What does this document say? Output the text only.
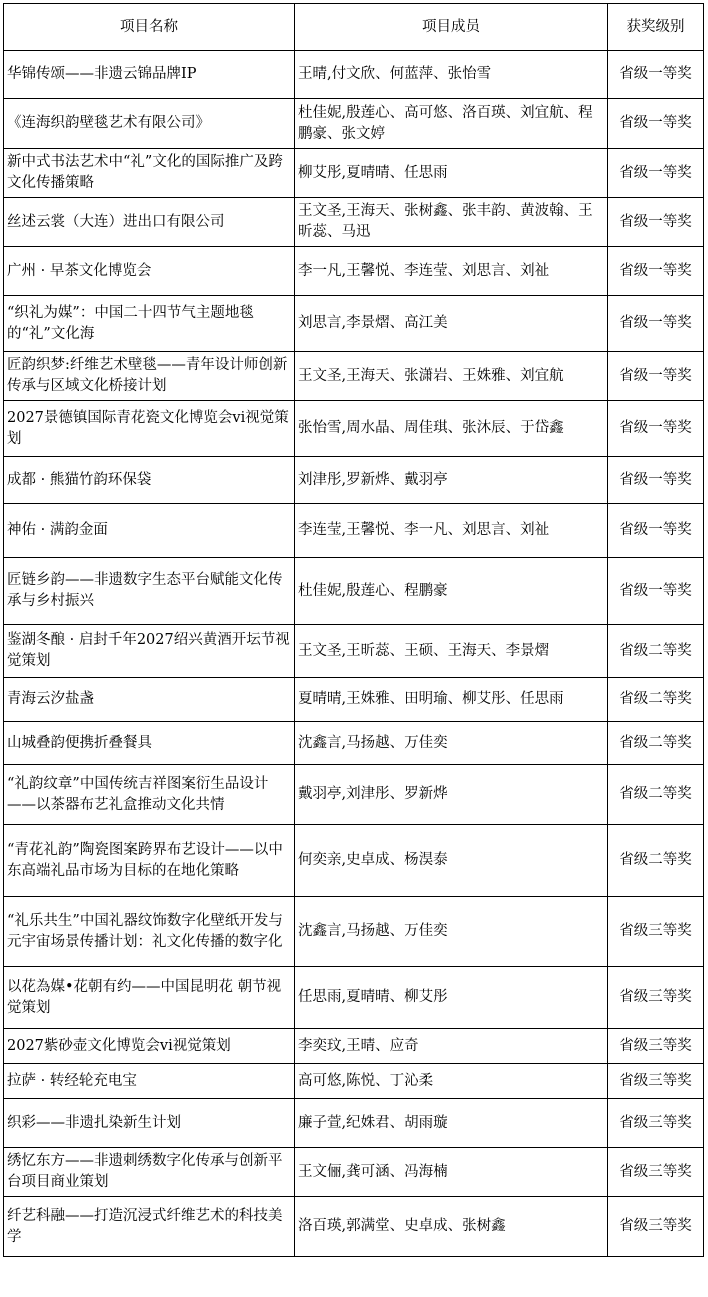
项目名称	项目成员	获奖级别
华锦传颂——非遗云锦品牌IP	王晴,付文欣、何蓝萍、张怡雪	省级一等奖
《连海织韵壁毯艺术有限公司》	杜佳妮,殷莲心、高可悠、洛百瑛、刘宜航、程鹏豪、张文婷	省级一等奖
新中式书法艺术中“礼”文化的国际推广及跨文化传播策略	柳艾彤,夏晴晴、任思雨	省级一等奖
丝述云裳（大连）进出口有限公司	王文圣,王海天、张树鑫、张丰韵、黄波翰、王昕蕊、马迅	省级一等奖
广州 · 早茶文化博览会	李一凡,王馨悦、李连莹、刘思言、刘祉	省级一等奖
“织礼为媒”：中国二十四节气主题地毯的“礼”文化海	刘思言,李景熠、高江美	省级一等奖
匠韵织梦:纤维艺术壁毯——青年设计师创新传承与区域文化桥接计划	王文圣,王海天、张潇岩、王姝雅、刘宜航	省级一等奖
2027景德镇国际青花瓷文化博览会vi视觉策划	张怡雪,周水晶、周佳琪、张沐辰、于岱鑫	省级一等奖
成都 · 熊猫竹韵环保袋	刘津彤,罗新烨、戴羽亭	省级一等奖
神佑 · 满韵金面	李连莹,王馨悦、李一凡、刘思言、刘祉	省级一等奖
匠链乡韵——非遗数字生态平台赋能文化传承与乡村振兴	杜佳妮,殷莲心、程鹏豪	省级一等奖
鉴湖冬酿 · 启封千年2027绍兴黄酒开坛节视觉策划	王文圣,王昕蕊、王硕、王海天、李景熠	省级二等奖
青海云汐盐盏	夏晴晴,王姝雅、田明瑜、柳艾彤、任思雨	省级二等奖
山城叠韵便携折叠餐具	沈鑫言,马扬越、万佳奕	省级二等奖
“礼韵纹章”中国传统吉祥图案衍生品设计——以茶器布艺礼盒推动文化共情	戴羽亭,刘津彤、罗新烨	省级二等奖
“青花礼韵”陶瓷图案跨界布艺设计——以中东高端礼品市场为目标的在地化策略	何奕亲,史卓成、杨淏泰	省级二等奖
“礼乐共生”中国礼器纹饰数字化壁纸开发与元宇宙场景传播计划：礼文化传播的数字化	沈鑫言,马扬越、万佳奕	省级三等奖
以花為媒•花朝有约——中国昆明花 朝节视觉策划	任思雨,夏晴晴、柳艾彤	省级三等奖
2027紫砂壶文化博览会vi视觉策划	李奕玟,王晴、应奇	省级三等奖
拉萨 · 转经轮充电宝	高可悠,陈悦、丁沁柔	省级三等奖
织彩——非遗扎染新生计划	廉子萱,纪姝君、胡雨璇	省级三等奖
绣忆东方——非遗刺绣数字化传承与创新平台项目商业策划	王文俪,龚可涵、冯海楠	省级三等奖
纤艺科融——打造沉浸式纤维艺术的科技美学	洛百瑛,郭满堂、史卓成、张树鑫	省级三等奖
